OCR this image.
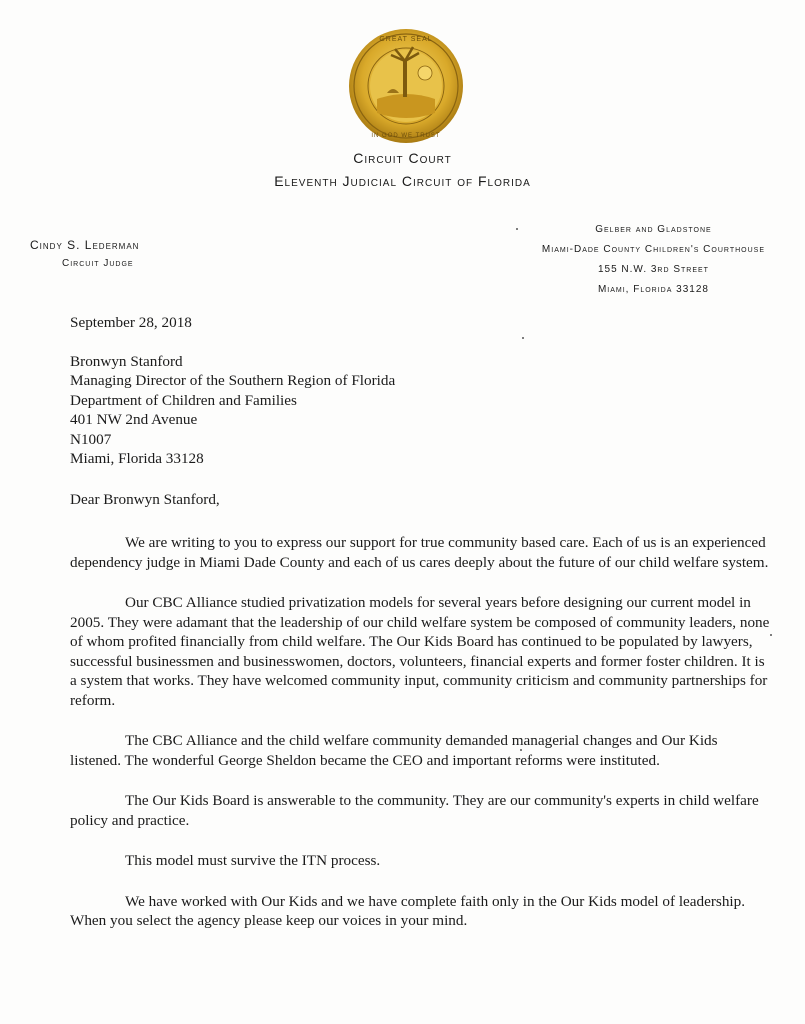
GREAT SEAL
IN GOD WE TRUST
Circuit Court
Eleventh Judicial Circuit of Florida
Cindy S. Lederman
Circuit Judge
Gelber and Gladstone
Miami-Dade County Children's Courthouse
155 N.W. 3rd Street
Miami, Florida 33128
September 28, 2018
Bronwyn Stanford
Managing Director of the Southern Region of Florida
Department of Children and Families
401 NW 2nd Avenue
N1007
Miami, Florida 33128
Dear Bronwyn Stanford,
We are writing to you to express our support for true community based care. Each of us is an experienced dependency judge in Miami Dade County and each of us cares deeply about the future of our child welfare system.
Our CBC Alliance studied privatization models for several years before designing our current model in 2005. They were adamant that the leadership of our child welfare system be composed of community leaders, none of whom profited financially from child welfare. The Our Kids Board has continued to be populated by lawyers, successful businessmen and businesswomen, doctors, volunteers, financial experts and former foster children. It is a system that works. They have welcomed community input, community criticism and community partnerships for reform.
The CBC Alliance and the child welfare community demanded managerial changes and Our Kids listened. The wonderful George Sheldon became the CEO and important reforms were instituted.
The Our Kids Board is answerable to the community. They are our community's experts in child welfare policy and practice.
This model must survive the ITN process.
We have worked with Our Kids and we have complete faith only in the Our Kids model of leadership. When you select the agency please keep our voices in your mind.
